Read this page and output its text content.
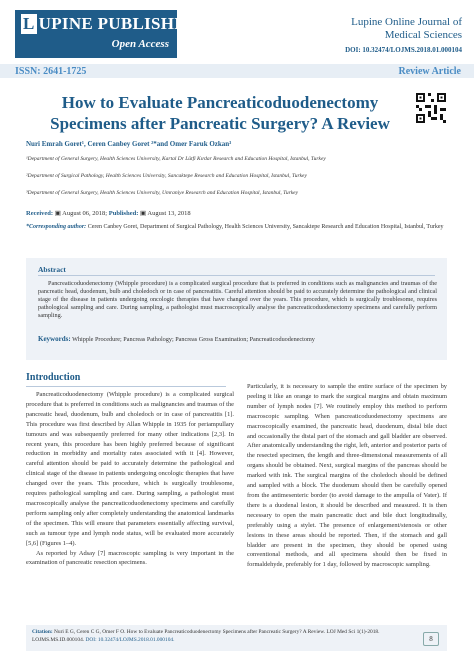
L UPINE PUBLISHERS
Open Access
Lupine Online Journal of
Medical Sciences
DOI: 10.32474/LOJMS.2018.01.000104
ISSN: 2641-1725	Review Article
How to Evaluate Pancreaticoduodenectomy Specimens after Pancreatic Surgery? A Review
Nuri Emrah Goret¹, Ceren Canbey Goret ²*and Omer Faruk Ozkan³
¹Department of General Surgery, Health Sciences University, Kartal Dr Lütfi Kırdar Research and Education Hospital, Istanbul, Turkey
²Department of Surgical Pathology, Health Sciences University, Sancaktepe Research and Education Hospital, Istanbul, Turkey
³Department of General Surgery, Health Sciences University, Umraniye Research and Education Hospital, Istanbul, Turkey
Received: ▣ August 06, 2018; Published: ▣ August 13, 2018
*Corresponding author: Ceren Canbey Goret, Department of Surgical Pathology, Health Sciences University, Sancaktepe Research and Education Hospital, Istanbul, Turkey
Abstract
Pancreaticoduodenectomy (Whipple procedure) is a complicated surgical procedure that is preferred in conditions such as malignancies and traumas of the pancreatic head, duodenum, bulb and choledoch or in case of pancreatitis. Careful attention should be paid to accurately determine the pathological and clinical stage of the disease in patients undergoing oncologic therapies that have changed over the years. This procedure, which is surgically troublesome, requires pathological sampling and care. During sampling, a pathologist must macroscopically analyse the pancreaticoduodenectomy specimens and carefully perform sampling.
Keywords: Whipple Procedure; Pancreas Pathology; Pancreas Gross Examination; Pancreaticoduodenectomy
Introduction

Pancreaticoduodenectomy (Whipple procedure) is a complicated surgical procedure that is preferred in conditions such as malignancies and traumas of the pancreatic head, duodenum, bulb and choledoch or in case of pancreatitis [1]. This procedure was first described by Allan Whipple in 1935 for periampullary tumours and was subsequently preferred for many other indications [2,3]. In recent years, this procedure has been highly preferred because of significant reduction in morbidity and mortality rates associated with it [4]. However, careful attention should be paid to accurately determine the pathological and clinical stage of the disease in patients undergoing oncologic therapies that have changed over the years. This procedure, which is surgically troublesome, requires pathological sampling and care. During sampling, a pathologist must macroscopically analyse the pancreaticoduodenectomy specimens and carefully perform sampling only after completely understanding the anatomical landmarks of the specimen. This will ensure that parameters essentially affecting survival, such as tumour type and lymph node status, will be evaluated more accurately [5,6] (Figures 1–4).

As reported by Adsay [7] macroscopic sampling is very important in the examination of pancreatic resection specimens.

Particularly, it is necessary to sample the entire surface of the specimen by peeling it like an orange to mark the surgical margins and obtain maximum number of lymph nodes [7]. We routinely employ this method to perform macroscopic sampling. When pancreaticoduodenectomy specimens are macroscopically examined, the pancreatic head, duodenum, distal bile duct and occasionally the distal part of the stomach and gall bladder are observed. After anatomically understanding the right, left, anterior and posterior parts of the resected specimen, the length and three-dimensional measurements of all organs should be obtained. Next, surgical margins of the pancreas should be marked with ink. The surgical margins of the choledoch should be defined and sampled with a block. The duodenum should then be carefully opened from the antimesenteric border (to avoid damage to the ampulla of Vater). If there is a duodenal lesion, it should be described and measured. It is then necessary to open the main pancreatic duct and bile duct longitudinally, preferably using a stylet. The presence of enlargement/stenosis or other lesions in these areas should be reported. Then, if the stomach and gall bladder are present in the specimen, they should be opened using conventional methods, and all specimens should then be fixed in formaldehyde, preferably for 1 day, followed by macroscopic sampling.

Citation: Nuri E G, Ceren C G, Omer F O. How to Evaluate Pancreaticoduodenectomy Specimens after Pancreatic Surgery? A Review. LOJ Med Sci 1(1)-2018. LOJMS.MS.ID.000104. DOI: 10.32474/LOJMS.2018.01.000104.	8
